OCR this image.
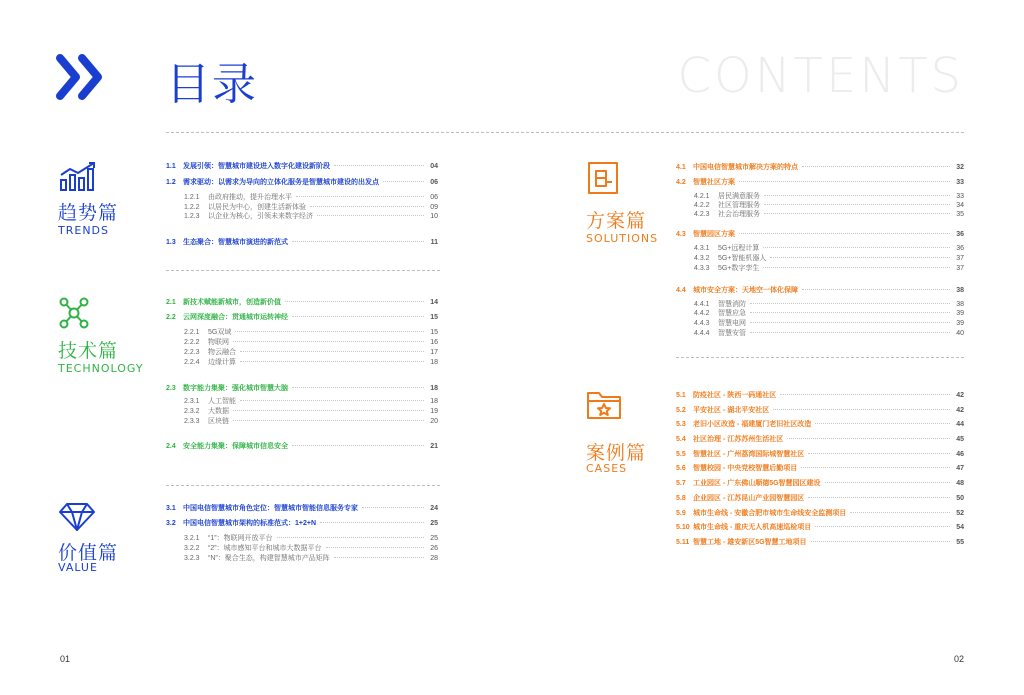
目录	CONTENTS
趋势篇
TRENDS
技术篇
TECHNOLOGY
价值篇
VALUE
方案篇
SOLUTIONS
案例篇
CASES
1.1	发展引领：智慧城市建设进入数字化建设新阶段	04
1.2	需求驱动：以需求为导向的立体化服务是智慧城市建设的出发点	06
1.2.1	由政府推动，提升治理水平	06
1.2.2	以居民为中心，创建生活新体验	09
1.2.3	以企业为核心，引领未来数字经济	10
1.3	生态聚合：智慧城市演进的新范式	11
2.1	新技术赋能新城市，创造新价值	14
2.2	云网深度融合：贯通城市运转神经	15
2.2.1	5G双域	15
2.2.2	物联网	16
2.2.3	物云融合	17
2.2.4	边缘计算	18
2.3	数字能力集聚：强化城市智慧大脑	18
2.3.1	人工智能	18
2.3.2	大数据	19
2.3.3	区块链	20
2.4	安全能力集聚：保障城市信息安全	21
3.1	中国电信智慧城市角色定位：智慧城市智能信息服务专家	24
3.2	中国电信智慧城市架构的标准范式：1+2+N	25
3.2.1	“1”：物联网开放平台	25
3.2.2	“2”：城市感知平台和城市大数据平台	26
3.2.3	“N”：聚合生态，构建智慧城市产品矩阵	28
4.1	中国电信智慧城市解决方案的特点	32
4.2	智慧社区方案	33
4.2.1	居民满意服务	33
4.2.2	社区管理服务	34
4.2.3	社会治理服务	35
4.3	智慧园区方案	36
4.3.1	5G+远程计算	36
4.3.2	5G+智能机器人	37
4.3.3	5G+数字孪生	37
4.4	城市安全方案：天地空一体化保障	38
4.4.1	智慧消防	38
4.4.2	智慧应急	39
4.4.3	智慧电网	39
4.4.4	智慧安管	40
5.1	防疫社区 - 陕西一码通社区	42
5.2	平安社区 - 湖北平安社区	42
5.3	老旧小区改造 - 福建厦门老旧社区改造	44
5.4	社区治理 - 江苏苏州生活社区	45
5.5	智慧社区 - 广州荔湾国际城智慧社区	46
5.6	智慧校园 - 中央党校智慧后勤项目	47
5.7	工业园区 - 广东佛山顺德5G智慧园区建设	48
5.8	企业园区 - 江苏昆山产业园智慧园区	50
5.9	城市生命线 - 安徽合肥市城市生命线安全监测项目	52
5.10 城市生命线 - 重庆无人机高速巡检项目	54
5.11 智慧工地 - 雄安新区5G智慧工地项目	55
01	02
